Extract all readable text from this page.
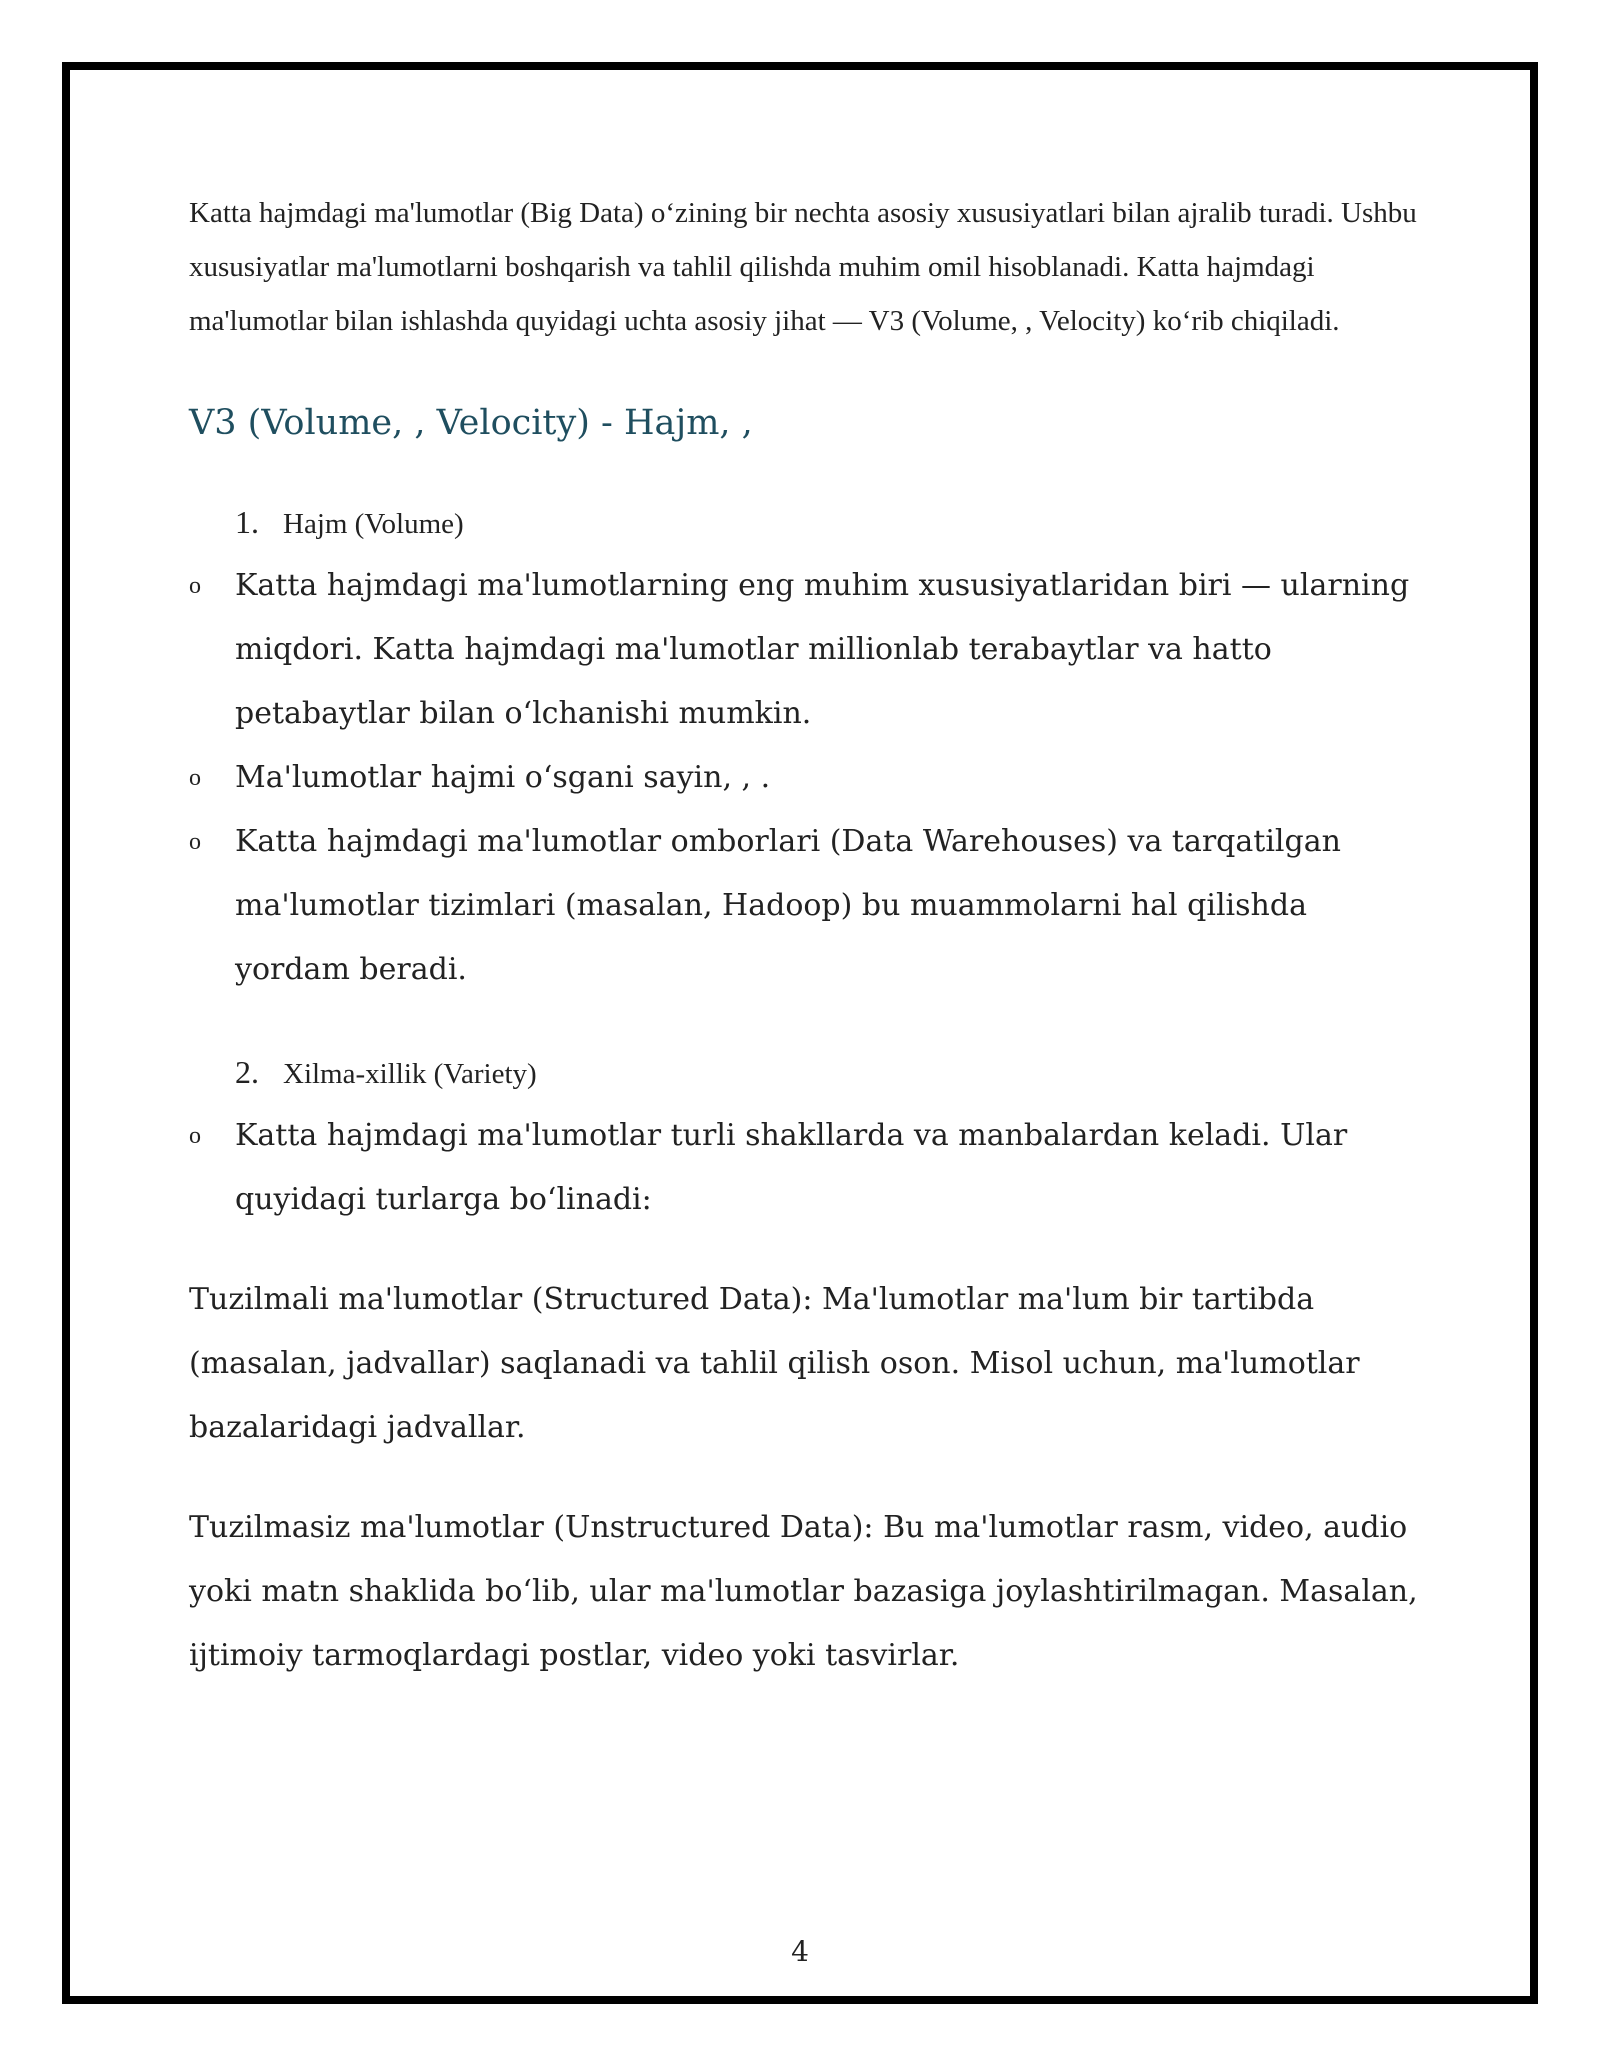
Katta hajmdagi ma'lumotlar (Big Data) o‘zining bir nechta asosiy xususiyatlari bilan ajralib turadi. Ushbu xususiyatlar ma'lumotlarni boshqarish va tahlil qilishda muhim omil hisoblanadi. Katta hajmdagi ma'lumotlar bilan ishlashda quyidagi uchta asosiy jihat — V3 (Volume, , Velocity) ko‘rib chiqiladi.

V3 (Volume, , Velocity) - Hajm, ,

1. Hajm (Volume)

o Katta hajmdagi ma'lumotlarning eng muhim xususiyatlaridan biri — ularning miqdori. Katta hajmdagi ma'lumotlar millionlab terabaytlar va hatto petabaytlar bilan o‘lchanishi mumkin.
o Ma'lumotlar hajmi o‘sgani sayin, , .
o Katta hajmdagi ma'lumotlar omborlari (Data Warehouses) va tarqatilgan ma'lumotlar tizimlari (masalan, Hadoop) bu muammolarni hal qilishda yordam beradi.

2. Xilma-xillik (Variety)

o Katta hajmdagi ma'lumotlar turli shakllarda va manbalardan keladi. Ular quyidagi turlarga bo‘linadi:

Tuzilmali ma'lumotlar (Structured Data): Ma'lumotlar ma'lum bir tartibda (masalan, jadvallar) saqlanadi va tahlil qilish oson. Misol uchun, ma'lumotlar bazalaridagi jadvallar.

Tuzilmasiz ma'lumotlar (Unstructured Data): Bu ma'lumotlar rasm, video, audio yoki matn shaklida bo‘lib, ular ma'lumotlar bazasiga joylashtirilmagan. Masalan, ijtimoiy tarmoqlardagi postlar, video yoki tasvirlar.

4
